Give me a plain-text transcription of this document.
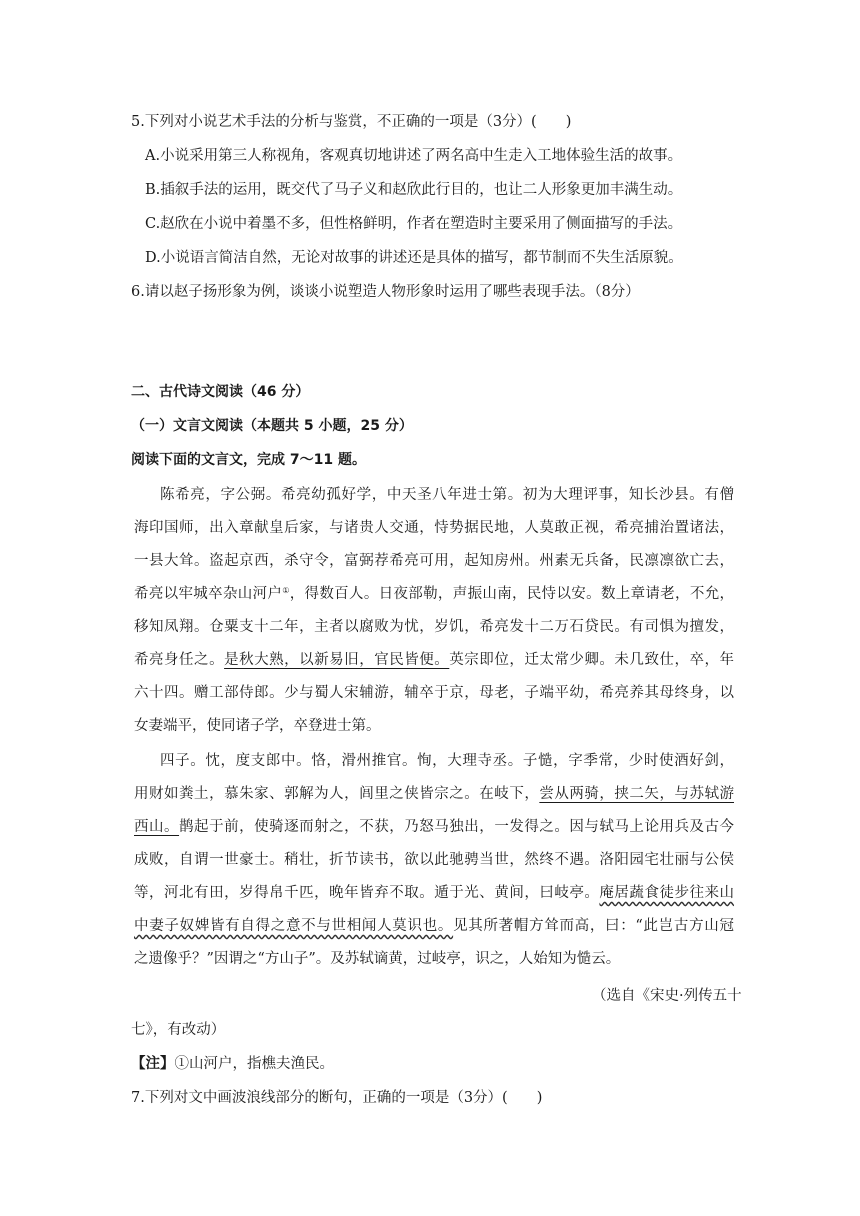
5.下列对小说艺术手法的分析与鉴赏，不正确的一项是（3分）(　　)
A.小说采用第三人称视角，客观真切地讲述了两名高中生走入工地体验生活的故事。
B.插叙手法的运用，既交代了马子义和赵欣此行目的，也让二人形象更加丰满生动。
C.赵欣在小说中着墨不多，但性格鲜明，作者在塑造时主要采用了侧面描写的手法。
D.小说语言简洁自然，无论对故事的讲述还是具体的描写，都节制而不失生活原貌。
6.请以赵子扬形象为例，谈谈小说塑造人物形象时运用了哪些表现手法。（8分）
二、古代诗文阅读（46 分）
（一）文言文阅读（本题共 5 小题，25 分）
阅读下面的文言文，完成 7～11 题。
陈希亮，字公弼。希亮幼孤好学，中天圣八年进士第。初为大理评事，知长沙县。有僧
海印国师，出入章献皇后家，与诸贵人交通，恃势据民地，人莫敢正视，希亮捕治置诸法，
一县大耸。盗起京西，杀守令，富弼荐希亮可用，起知房州。州素无兵备，民凛凛欲亡去，
希亮以牢城卒杂山河户①，得数百人。日夜部勒，声振山南，民恃以安。数上章请老，不允，
移知凤翔。仓粟支十二年，主者以腐败为忧，岁饥，希亮发十二万石贷民。有司惧为擅发，
希亮身任之。是秋大熟，以新易旧，官民皆便。英宗即位，迁太常少卿。未几致仕，卒，年
六十四。赠工部侍郎。少与蜀人宋辅游，辅卒于京，母老，子端平幼，希亮养其母终身，以
女妻端平，使同诸子学，卒登进士第。
四子。忱，度支郎中。恪，滑州推官。恂，大理寺丞。子慥，字季常，少时使酒好剑，
用财如粪土，慕朱家、郭解为人，闾里之侠皆宗之。在岐下，尝从两骑，挟二矢，与苏轼游
西山。鹊起于前，使骑逐而射之，不获，乃怒马独出，一发得之。因与轼马上论用兵及古今
成败，自谓一世豪士。稍壮，折节读书，欲以此驰骋当世，然终不遇。洛阳园宅壮丽与公侯
等，河北有田，岁得帛千匹，晚年皆弃不取。遁于光、黄间，曰岐亭。庵居蔬食徒步往来山
中妻子奴婢皆有自得之意不与世相闻人莫识也。见其所著帽方耸而高，曰：“此岂古方山冠
之遗像乎？”因谓之“方山子”。及苏轼谪黄，过岐亭，识之，人始知为慥云。
（选自《宋史·列传五十
七》，有改动）
【注】①山河户，指樵夫渔民。
7.下列对文中画波浪线部分的断句，正确的一项是（3分）(　　)
